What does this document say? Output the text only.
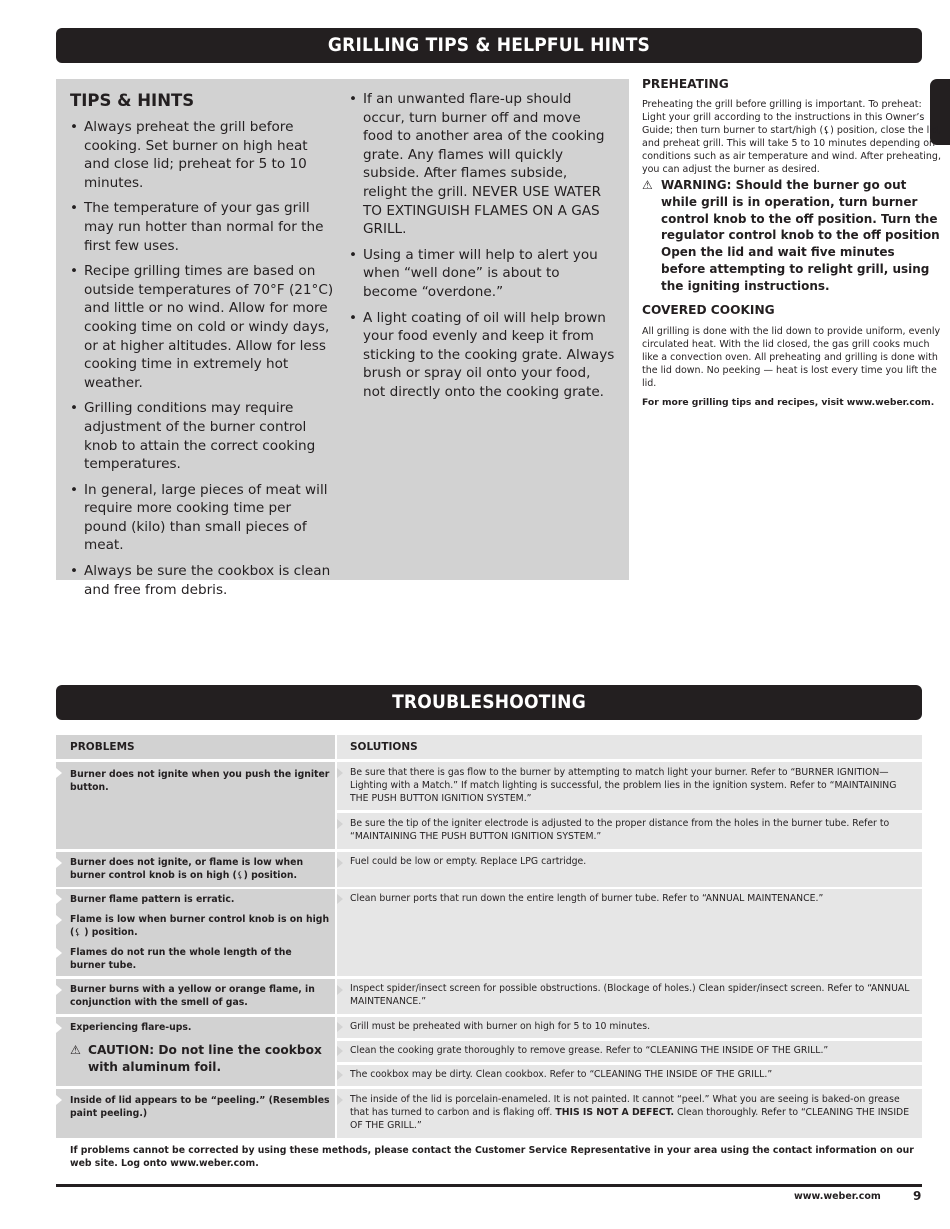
GRILLING TIPS & HELPFUL HINTS
TIPS & HINTS
• Always preheat the grill before cooking. Set burner on high heat and close lid; preheat for 5 to 10 minutes.
• The temperature of your gas grill may run hotter than normal for the first few uses.
• Recipe grilling times are based on outside temperatures of 70°F (21°C) and little or no wind. Allow for more cooking time on cold or windy days, or at higher altitudes. Allow for less cooking time in extremely hot weather.
• Grilling conditions may require adjustment of the burner control knob to attain the correct cooking temperatures.
• In general, large pieces of meat will require more cooking time per pound (kilo) than small pieces of meat.
• Always be sure the cookbox is clean and free from debris.
• If an unwanted flare-up should occur, turn burner off and move food to another area of the cooking grate. Any flames will quickly subside. After flames subside, relight the grill. NEVER USE WATER TO EXTINGUISH FLAMES ON A GAS GRILL.
• Using a timer will help to alert you when “well done” is about to become “overdone.”
• A light coating of oil will help brown your food evenly and keep it from sticking to the cooking grate. Always brush or spray oil onto your food, not directly onto the cooking grate.
PREHEATING

Preheating the grill before grilling is important. To preheat: Light your grill according to the instructions in this Owner’s Guide; then turn burner to start/high (⚸) position, close the lid, and preheat grill. This will take 5 to 10 minutes depending on conditions such as air temperature and wind. After preheating, you can adjust the burner as desired.

⚠ WARNING: Should the burner go out while grill is in operation, turn burner control knob to the off position. Turn the regulator control knob to the off position Open the lid and wait five minutes before attempting to relight grill, using the igniting instructions.
COVERED COOKING

All grilling is done with the lid down to provide uniform, evenly circulated heat. With the lid closed, the gas grill cooks much like a convection oven. All preheating and grilling is done with the lid down. No peeking — heat is lost every time you lift the lid.

For more grilling tips and recipes, visit www.weber.com.

TROUBLESHOOTING
PROBLEMS	SOLUTIONS
Burner does not ignite when you push the igniter button.
Be sure that there is gas flow to the burner by attempting to match light your burner. Refer to “BURNER IGNITION—Lighting with a Match.” If match lighting is successful, the problem lies in the ignition system. Refer to “MAINTAINING THE PUSH BUTTON IGNITION SYSTEM.”
Be sure the tip of the igniter electrode is adjusted to the proper distance from the holes in the burner tube. Refer to “MAINTAINING THE PUSH BUTTON IGNITION SYSTEM.”
Burner does not ignite, or flame is low when burner control knob is on high (⚸) position.
Fuel could be low or empty. Replace LPG cartridge.
Burner flame pattern is erratic.
Flame is low when burner control knob is on high (⚸ ) position.
Flames do not run the whole length of the burner tube.
Clean burner ports that run down the entire length of burner tube. Refer to “ANNUAL MAINTENANCE.”
Burner burns with a yellow or orange flame, in conjunction with the smell of gas.
Inspect spider/insect screen for possible obstructions. (Blockage of holes.) Clean spider/insect screen. Refer to “ANNUAL MAINTENANCE.”
Experiencing flare-ups.
⚠ CAUTION: Do not line the cookbox with aluminum foil.
Grill must be preheated with burner on high for 5 to 10 minutes.
Clean the cooking grate thoroughly to remove grease. Refer to “CLEANING THE INSIDE OF THE GRILL.”
The cookbox may be dirty. Clean cookbox. Refer to “CLEANING THE INSIDE OF THE GRILL.”
Inside of lid appears to be “peeling.” (Resembles paint peeling.)
The inside of the lid is porcelain-enameled. It is not painted. It cannot “peel.” What you are seeing is baked-on grease that has turned to carbon and is flaking off. THIS IS NOT A DEFECT. Clean thoroughly. Refer to “CLEANING THE INSIDE OF THE GRILL.”

If problems cannot be corrected by using these methods, please contact the Customer Service Representative in your area using the contact information on our web site. Log onto www.weber.com.

www.weber.com	9
